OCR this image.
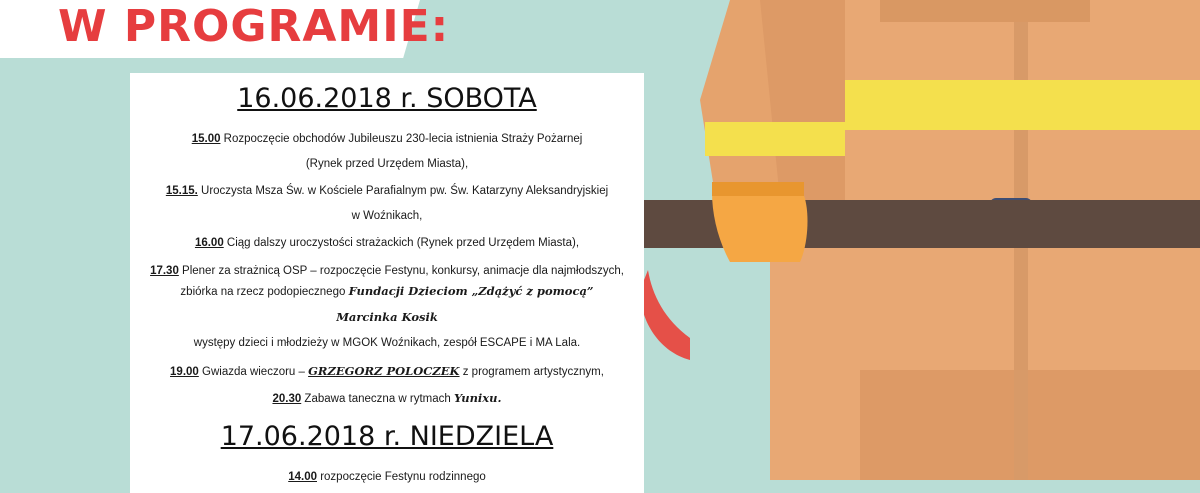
W PROGRAMIE:
16.06.2018 r. SOBOTA
15.00 Rozpoczęcie obchodów Jubileuszu 230-lecia istnienia Straży Pożarnej
(Rynek przed Urzędem Miasta),
15.15. Uroczysta Msza Św. w Kościele Parafialnym pw. Św. Katarzyny Aleksandryjskiej
w Woźnikach,
16.00 Ciąg dalszy uroczystości strażackich (Rynek przed Urzędem Miasta),
17.30 Plener za strażnicą OSP – rozpoczęcie Festynu, konkursy, animacje dla najmłodszych,
zbiórka na rzecz podopiecznego Fundacji Dzieciom „Zdążyć z pomocą”
Marcinka Kosik
występy dzieci i młodzieży w MGOK Woźnikach, zespół ESCAPE i MA Lala.
19.00 Gwiazda wieczoru – GRZEGORZ POLOCZEK z programem artystycznym,
20.30 Zabawa taneczna w rytmach Yunixu.
17.06.2018 r. NIEDZIELA
14.00 rozpoczęcie Festynu rodzinnego
